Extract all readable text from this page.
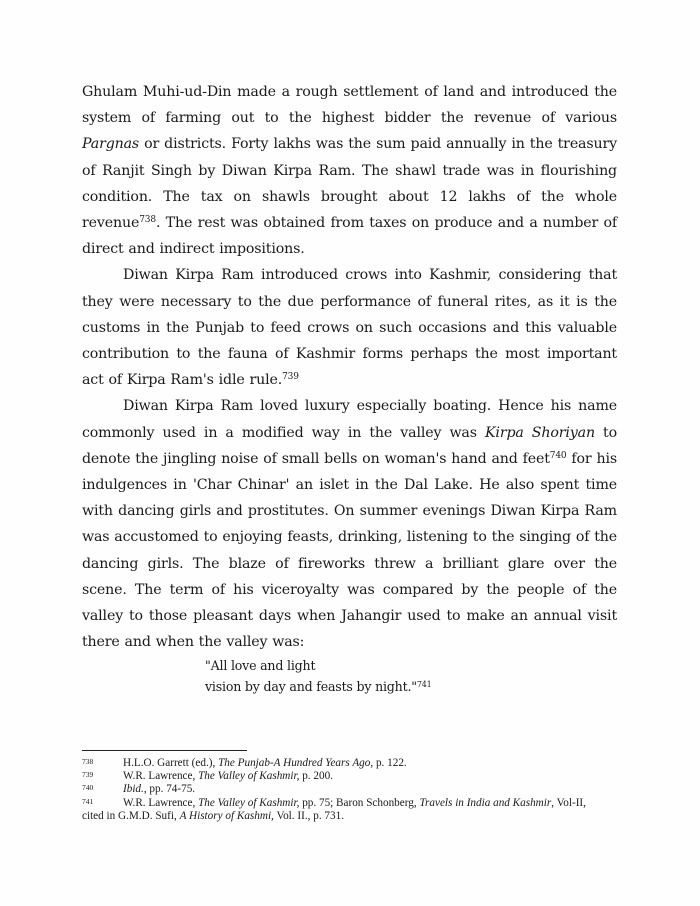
Ghulam Muhi-ud-Din made a rough settlement of land and introduced the system of farming out to the highest bidder the revenue of various Pargnas or districts. Forty lakhs was the sum paid annually in the treasury of Ranjit Singh by Diwan Kirpa Ram. The shawl trade was in flourishing condition. The tax on shawls brought about 12 lakhs of the whole revenue$^{738}$. The rest was obtained from taxes on produce and a number of direct and indirect impositions.

Diwan Kirpa Ram introduced crows into Kashmir, considering that they were necessary to the due performance of funeral rites, as it is the customs in the Punjab to feed crows on such occasions and this valuable contribution to the fauna of Kashmir forms perhaps the most important act of Kirpa Ram's idle rule.$^{739}$

Diwan Kirpa Ram loved luxury especially boating. Hence his name commonly used in a modified way in the valley was Kirpa Shoriyan to denote the jingling noise of small bells on woman's hand and feet$^{740}$ for his indulgences in 'Char Chinar' an islet in the Dal Lake. He also spent time with dancing girls and prostitutes. On summer evenings Diwan Kirpa Ram was accustomed to enjoying feasts, drinking, listening to the singing of the dancing girls. The blaze of fireworks threw a brilliant glare over the scene. The term of his viceroyalty was compared by the people of the valley to those pleasant days when Jahangir used to make an annual visit there and when the valley was:

"All love and light
vision by day and feasts by night."$^{741}$
738	H.L.O. Garrett (ed.), The Punjab-A Hundred Years Ago, p. 122.
739	W.R. Lawrence, The Valley of Kashmir, p. 200.
740	Ibid., pp. 74-75.
741	W.R. Lawrence, The Valley of Kashmir, pp. 75; Baron Schonberg, Travels in India and Kashmir, Vol-II,
cited in G.M.D. Sufi, A History of Kashmi, Vol. II., p. 731.
